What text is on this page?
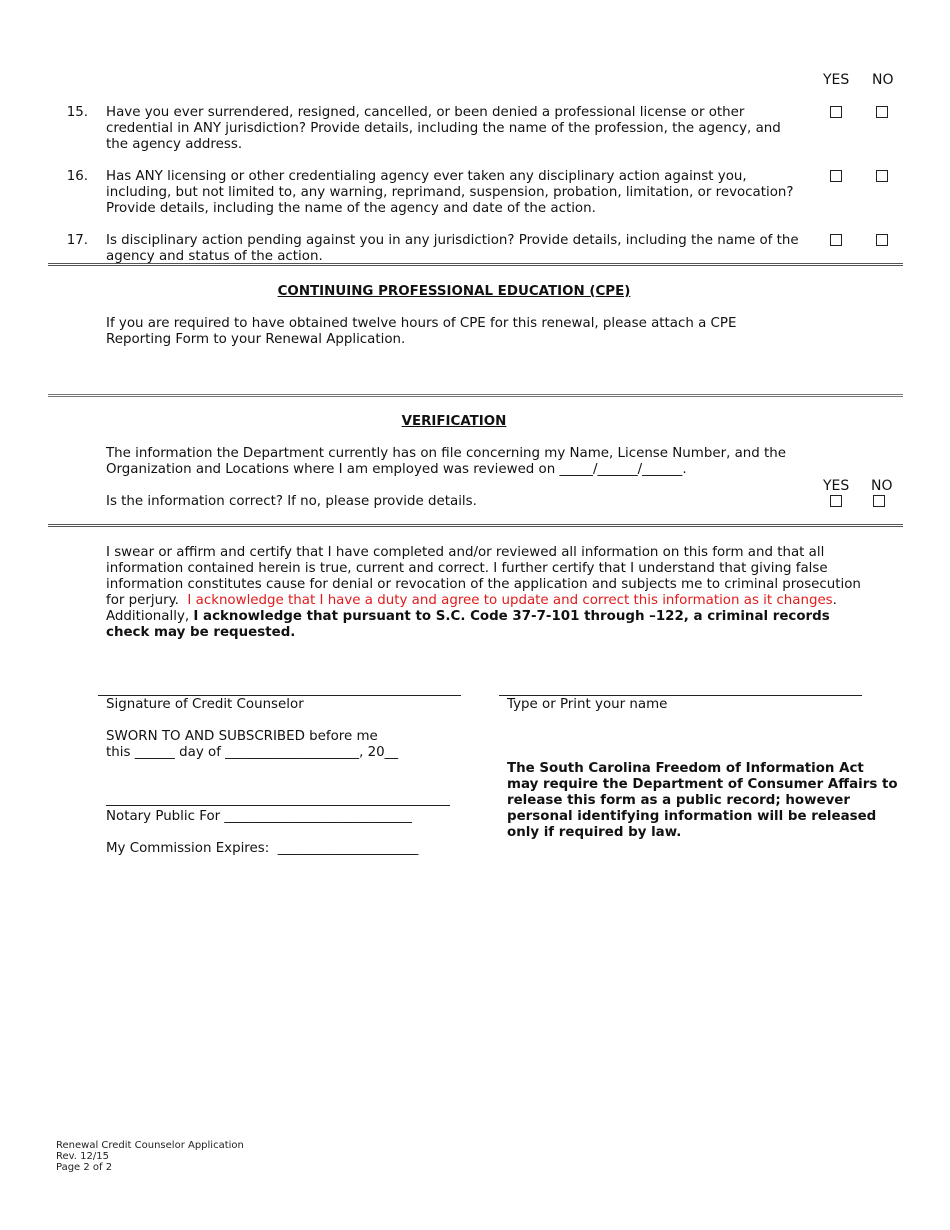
YES NO
15. Have you ever surrendered, resigned, cancelled, or been denied a professional license or other
credential in ANY jurisdiction? Provide details, including the name of the profession, the agency, and
the agency address.
16. Has ANY licensing or other credentialing agency ever taken any disciplinary action against you,
including, but not limited to, any warning, reprimand, suspension, probation, limitation, or revocation?
Provide details, including the name of the agency and date of the action.
17. Is disciplinary action pending against you in any jurisdiction? Provide details, including the name of the
agency and status of the action.
CONTINUING PROFESSIONAL EDUCATION (CPE)
If you are required to have obtained twelve hours of CPE for this renewal, please attach a CPE
Reporting Form to your Renewal Application.
VERIFICATION
The information the Department currently has on file concerning my Name, License Number, and the
Organization and Locations where I am employed was reviewed on _____/______/______.
YES NO
Is the information correct? If no, please provide details.
I swear or affirm and certify that I have completed and/or reviewed all information on this form and that all
information contained herein is true, current and correct. I further certify that I understand that giving false
information constitutes cause for denial or revocation of the application and subjects me to criminal prosecution
for perjury.  I acknowledge that I have a duty and agree to update and correct this information as it changes.
Additionally, I acknowledge that pursuant to S.C. Code 37-7-101 through –122, a criminal records
check may be requested.
Signature of Credit Counselor	Type or Print your name
SWORN TO AND SUBSCRIBED before me
this ______ day of ____________________, 20__
Notary Public For ____________________________
My Commission Expires:  _____________________
The South Carolina Freedom of Information Act
may require the Department of Consumer Affairs to
release this form as a public record; however
personal identifying information will be released
only if required by law.
Renewal Credit Counselor Application
Rev. 12/15
Page 2 of 2
